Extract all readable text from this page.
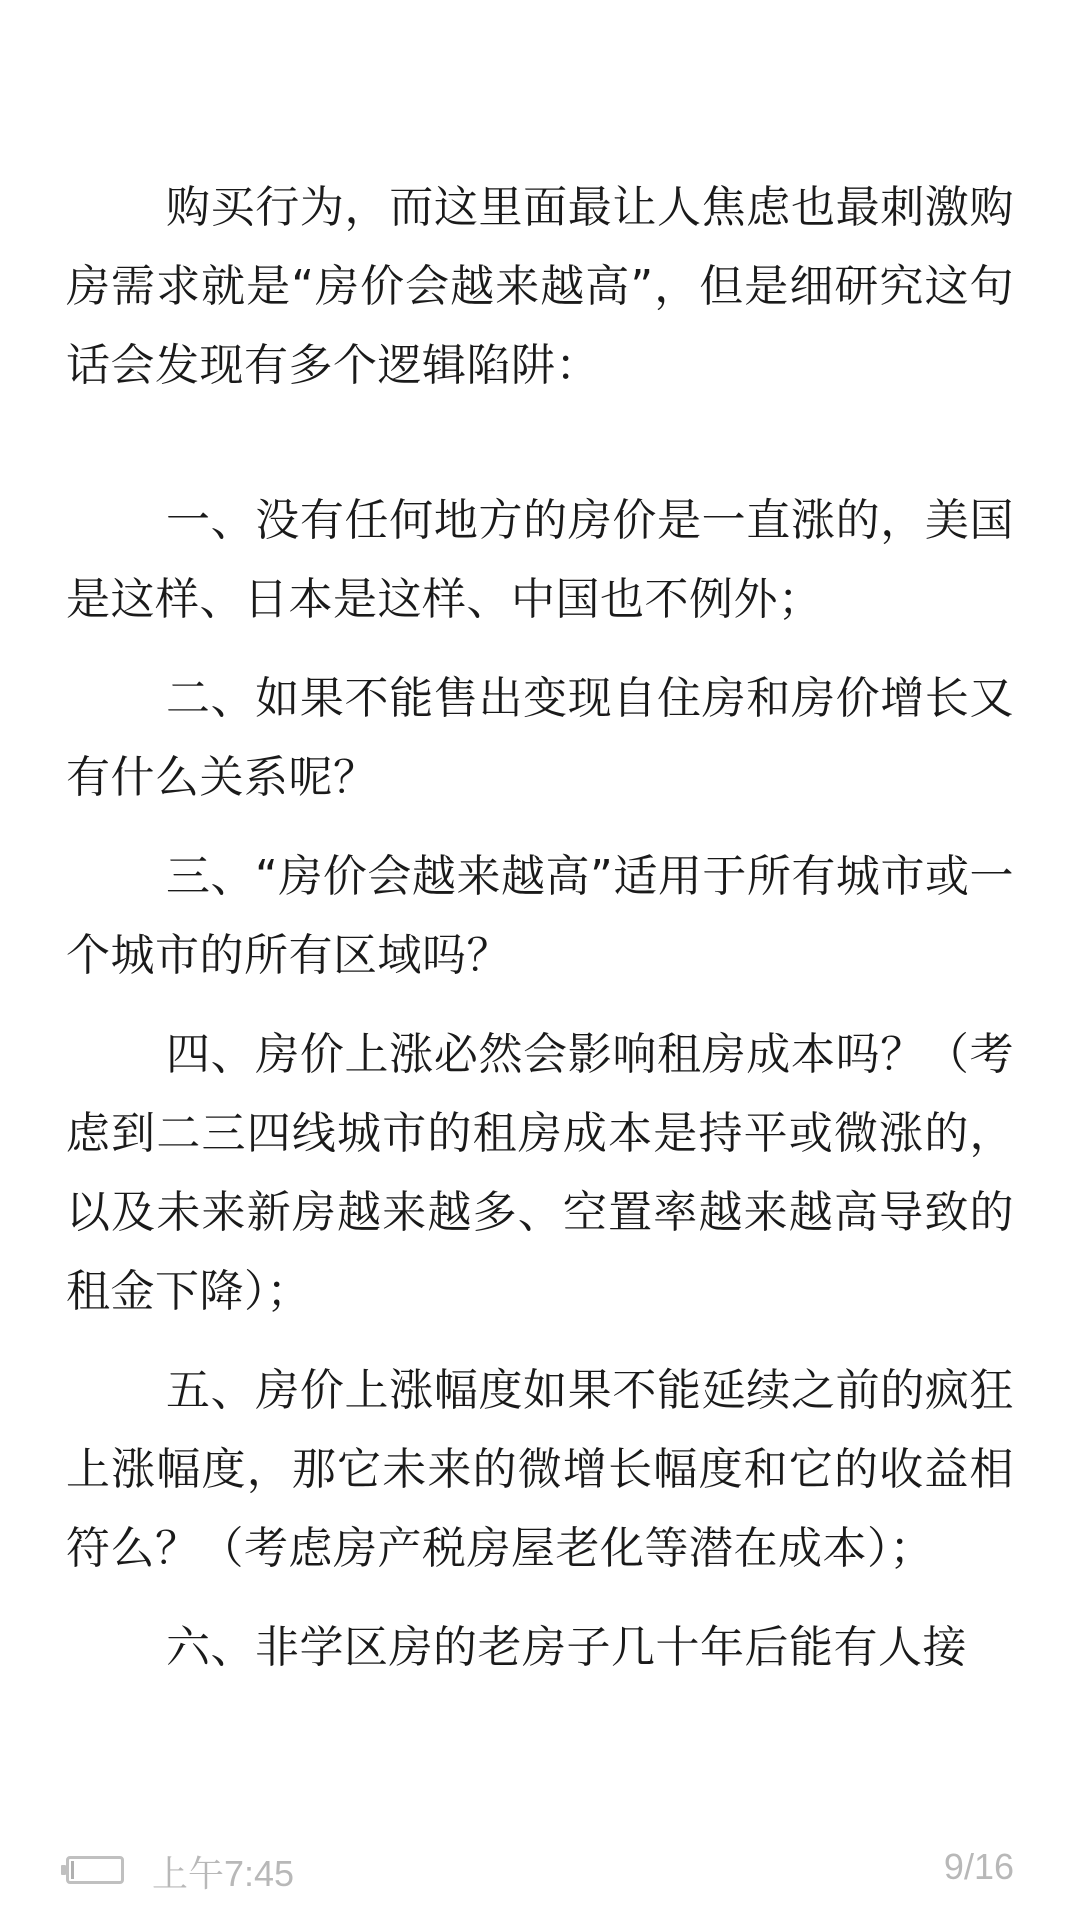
购买行为，而这里面最让人焦虑也最刺激购房需求就是“房价会越来越高”，但是细研究这句话会发现有多个逻辑陷阱：

一、没有任何地方的房价是一直涨的，美国是这样、日本是这样、中国也不例外；

二、如果不能售出变现自住房和房价增长又有什么关系呢？

三、“房价会越来越高”适用于所有城市或一个城市的所有区域吗？

四、房价上涨必然会影响租房成本吗？（考虑到二三四线城市的租房成本是持平或微涨的，以及未来新房越来越多、空置率越来越高导致的租金下降）；

五、房价上涨幅度如果不能延续之前的疯狂上涨幅度，那它未来的微增长幅度和它的收益相符么？（考虑房产税房屋老化等潜在成本）；

六、非学区房的老房子几十年后能有人接

上午7:45	9/16
